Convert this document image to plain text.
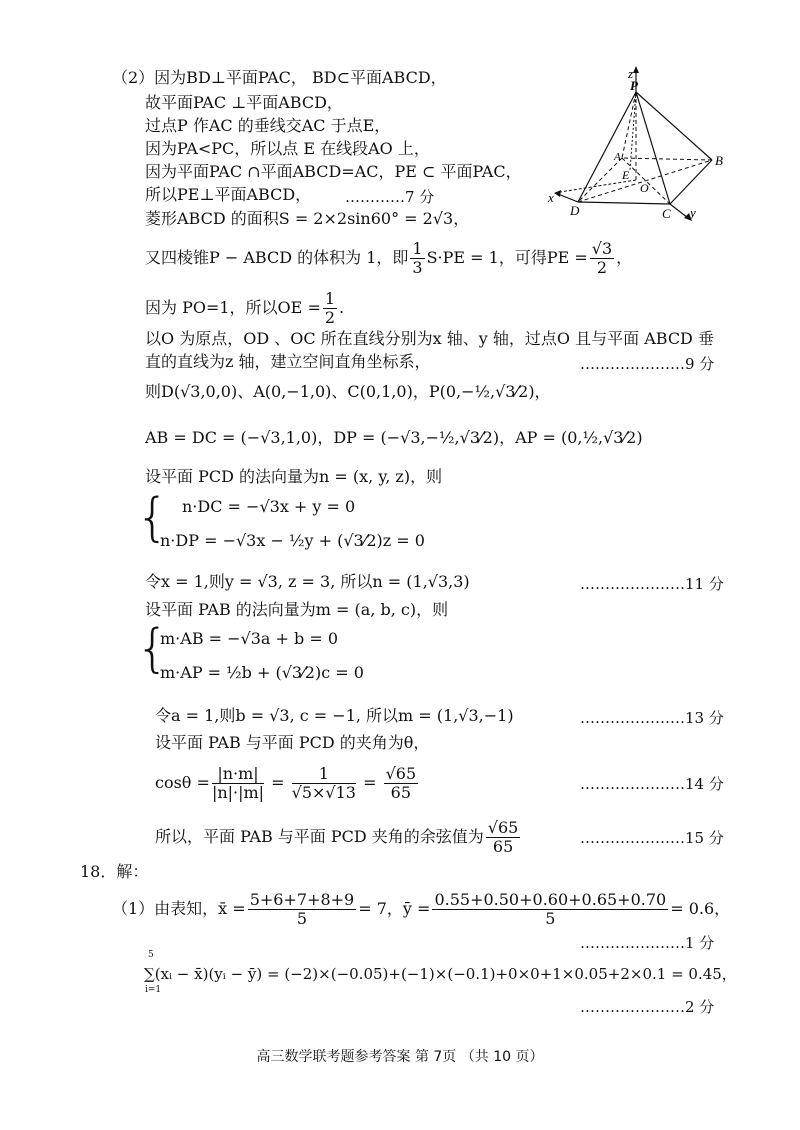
（2）因为BD⊥平面PAC， BD⊂平面ABCD，
故平面PAC ⊥平面ABCD，
过点P 作AC 的垂线交AC 于点E，
因为PA<PC，所以点 E 在线段AO 上，
因为平面PAC ∩平面ABCD=AC，PE ⊂ 平面PAC，
所以PE⊥平面ABCD， …………7 分
菱形ABCD 的面积S = 2×2sin60° = 2√3，
又四棱锥P − ABCD 的体积为 1，即 $\frac{1}{3} S\cdot PE = 1$，可得PE = $\frac{√3}{2}$ ，
因为 PO=1，所以OE = $\frac{1}{2}$ .
以O 为原点，OD 、OC 所在直线分别为x 轴、y 轴，过点O 且与平面 ABCD 垂
直的直线为z 轴，建立空间直角坐标系，	…………………9 分
则D(√3,0,0)、A(0,−1,0)、C(0,1,0)，P(0,−½,√3⁄2)，
AB = DC = (−√3,1,0)，DP = (−√3,−½,√3⁄2)，AP = (0,½,√3⁄2)
设平面 PCD 的法向量为n = (x, y, z)，则
{ n·DC = −√3x + y = 0
n·DP = −√3x − ½y + (√3⁄2)z = 0
令x = 1,则y = √3, z = 3, 所以n = (1,√3,3)	…………………11 分
设平面 PAB 的法向量为m = (a, b, c)，则
{
m·AB = −√3a + b = 0
m·AP = ½b + (√3⁄2)c = 0
令a = 1,则b = √3, c = −1, 所以m = (1,√3,−1)	…………………13 分
设平面 PAB 与平面 PCD 的夹角为θ，
$\cos\theta = \frac{|n\cdot m|}{|n|\cdot|m|} = \frac{1}{√5\times√13} = \frac{√65}{65}$	…………………14 分
所以，平面 PAB 与平面 PCD 夹角的余弦值为 $\frac{√65}{65}$	…………………15 分
18．解：
（1）由表知，x̄ = $\frac{5+6+7+8+9}{5} = 7$，ȳ = $\frac{0.55+0.50+0.60+0.65+0.70}{5} = 0.6$，
…………………1 分
5
i=1
∑(xᵢ − x̄)(yᵢ − ȳ) = (−2)×(−0.05)+(−1)×(−0.1)+0×0+1×0.05+2×0.1 = 0.45，
…………………2 分
z
P
B
A
E
O
x
D	C y
高三数学联考题参考答案 第 7页 （共 10 页）
